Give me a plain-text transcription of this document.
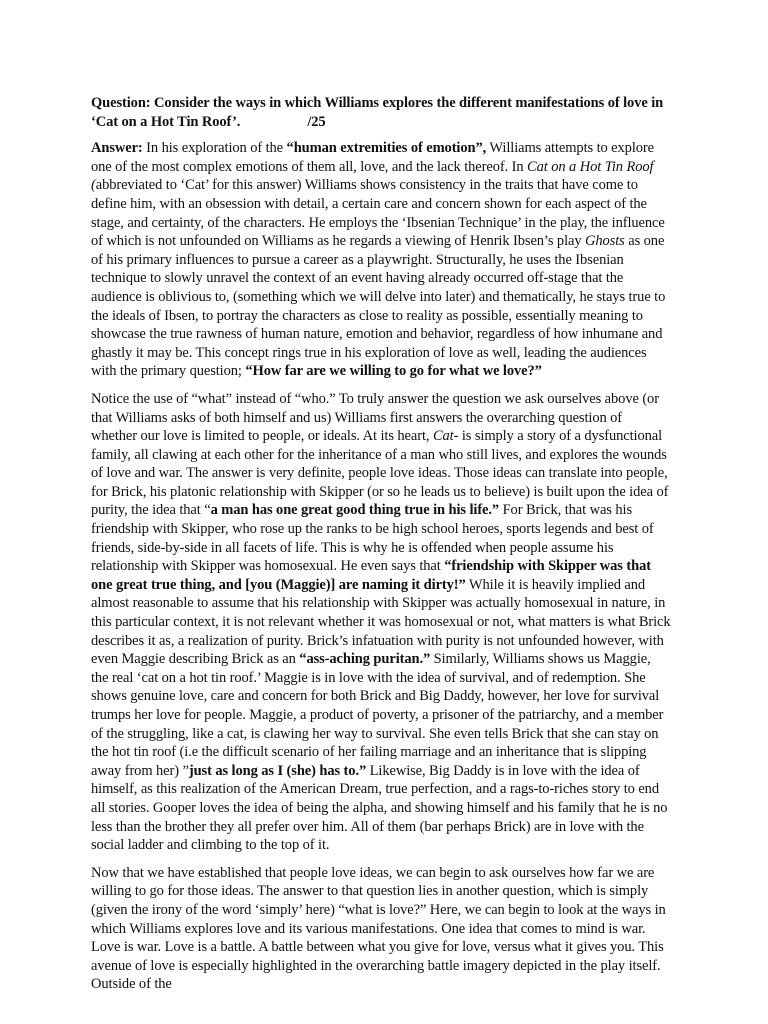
Question: Consider the ways in which Williams explores the different manifestations of love in ‘Cat on a Hot Tin Roof’.	/25

Answer: In his exploration of the “human extremities of emotion”, Williams attempts to explore one of the most complex emotions of them all, love, and the lack thereof. In Cat on a Hot Tin Roof (abbreviated to ‘Cat’ for this answer) Williams shows consistency in the traits that have come to define him, with an obsession with detail, a certain care and concern shown for each aspect of the stage, and certainty, of the characters. He employs the ‘Ibsenian Technique’ in the play, the influence of which is not unfounded on Williams as he regards a viewing of Henrik Ibsen’s play Ghosts as one of his primary influences to pursue a career as a playwright. Structurally, he uses the Ibsenian technique to slowly unravel the context of an event having already occurred off-stage that the audience is oblivious to, (something which we will delve into later) and thematically, he stays true to the ideals of Ibsen, to portray the characters as close to reality as possible, essentially meaning to showcase the true rawness of human nature, emotion and behavior, regardless of how inhumane and ghastly it may be. This concept rings true in his exploration of love as well, leading the audiences with the primary question; “How far are we willing to go for what we love?”

Notice the use of “what” instead of “who.” To truly answer the question we ask ourselves above (or that Williams asks of both himself and us) Williams first answers the overarching question of whether our love is limited to people, or ideals. At its heart, Cat- is simply a story of a dysfunctional family, all clawing at each other for the inheritance of a man who still lives, and explores the wounds of love and war. The answer is very definite, people love ideas. Those ideas can translate into people, for Brick, his platonic relationship with Skipper (or so he leads us to believe) is built upon the idea of purity, the idea that “a man has one great good thing true in his life.” For Brick, that was his friendship with Skipper, who rose up the ranks to be high school heroes, sports legends and best of friends, side-by-side in all facets of life. This is why he is offended when people assume his relationship with Skipper was homosexual. He even says that “friendship with Skipper was that one great true thing, and [you (Maggie)] are naming it dirty!” While it is heavily implied and almost reasonable to assume that his relationship with Skipper was actually homosexual in nature, in this particular context, it is not relevant whether it was homosexual or not, what matters is what Brick describes it as, a realization of purity. Brick’s infatuation with purity is not unfounded however, with even Maggie describing Brick as an “ass-aching puritan.” Similarly, Williams shows us Maggie, the real ‘cat on a hot tin roof.’ Maggie is in love with the idea of survival, and of redemption. She shows genuine love, care and concern for both Brick and Big Daddy, however, her love for survival trumps her love for people. Maggie, a product of poverty, a prisoner of the patriarchy, and a member of the struggling, like a cat, is clawing her way to survival. She even tells Brick that she can stay on the hot tin roof (i.e the difficult scenario of her failing marriage and an inheritance that is slipping away from her) ”just as long as I (she) has to.” Likewise, Big Daddy is in love with the idea of himself, as this realization of the American Dream, true perfection, and a rags-to-riches story to end all stories. Gooper loves the idea of being the alpha, and showing himself and his family that he is no less than the brother they all prefer over him. All of them (bar perhaps Brick) are in love with the social ladder and climbing to the top of it.

Now that we have established that people love ideas, we can begin to ask ourselves how far we are willing to go for those ideas. The answer to that question lies in another question, which is simply (given the irony of the word ‘simply’ here) “what is love?” Here, we can begin to look at the ways in which Williams explores love and its various manifestations. One idea that comes to mind is war. Love is war. Love is a battle. A battle between what you give for love, versus what it gives you. This avenue of love is especially highlighted in the overarching battle imagery depicted in the play itself. Outside of the
